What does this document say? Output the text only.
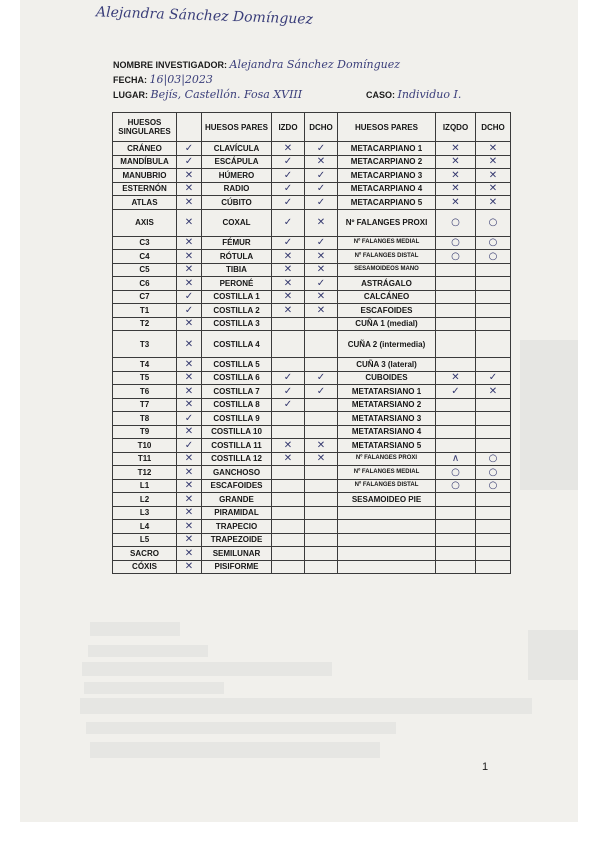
Alejandra Sánchez Domínguez
NOMBRE INVESTIGADOR: Alejandra Sánchez Domínguez
FECHA: 16|03|2023
LUGAR: Bejís, Castellón. Fosa XVIII	CASO: Individuo I.
HUESOS SINGULARES		HUESOS PARES	IZDO	DCHO	HUESOS PARES	IZQDO	DCHO
CRÁNEO	✓	CLAVÍCULA	✕	✓	METACARPIANO 1	✕	✕
MANDÍBULA	✓	ESCÁPULA	✓	✕	METACARPIANO 2	✕	✕
MANUBRIO	✕	HÚMERO	✓	✓	METACARPIANO 3	✕	✕
ESTERNÓN	✕	RADIO	✓	✓	METACARPIANO 4	✕	✕
ATLAS	✕	CÚBITO	✓	✓	METACARPIANO 5	✕	✕
AXIS	✕	COXAL	✓	✕	Nº FALANGES PROXI	○	○
C3	✕	FÉMUR	✓	✓	Nº FALANGES MEDIAL	○	○
C4	✕	RÓTULA	✕	✕	Nº FALANGES DISTAL	○	○
C5	✕	TIBIA	✕	✕	SESAMOIDEOS MANO		
C6	✕	PERONÉ	✕	✓	ASTRÁGALO		
C7	✓	COSTILLA 1	✕	✕	CALCÁNEO		
T1	✓	COSTILLA 2	✕	✕	ESCAFOIDES		
T2	✕	COSTILLA 3			CUÑA 1 (medial)		
T3	✕	COSTILLA 4			CUÑA 2 (intermedia)		
T4	✕	COSTILLA 5			CUÑA 3 (lateral)		
T5	✕	COSTILLA 6	✓	✓	CUBOIDES	✕	✓
T6	✕	COSTILLA 7	✓	✓	METATARSIANO 1	✓	✕
T7	✕	COSTILLA 8	✓		METATARSIANO 2		
T8	✓	COSTILLA 9			METATARSIANO 3		
T9	✕	COSTILLA 10			METATARSIANO 4		
T10	✓	COSTILLA 11	✕	✕	METATARSIANO 5		
T11	✕	COSTILLA 12	✕	✕	Nº FALANGES PROXI	∧	○
T12	✕	GANCHOSO			Nº FALANGES MEDIAL	○	○
L1	✕	ESCAFOIDES			Nº FALANGES DISTAL	○	○
L2	✕	GRANDE			SESAMOIDEO PIE		
L3	✕	PIRAMIDAL					
L4	✕	TRAPECIO					
L5	✕	TRAPEZOIDE					
SACRO	✕	SEMILUNAR					
CÓXIS	✕	PISIFORME					
1
